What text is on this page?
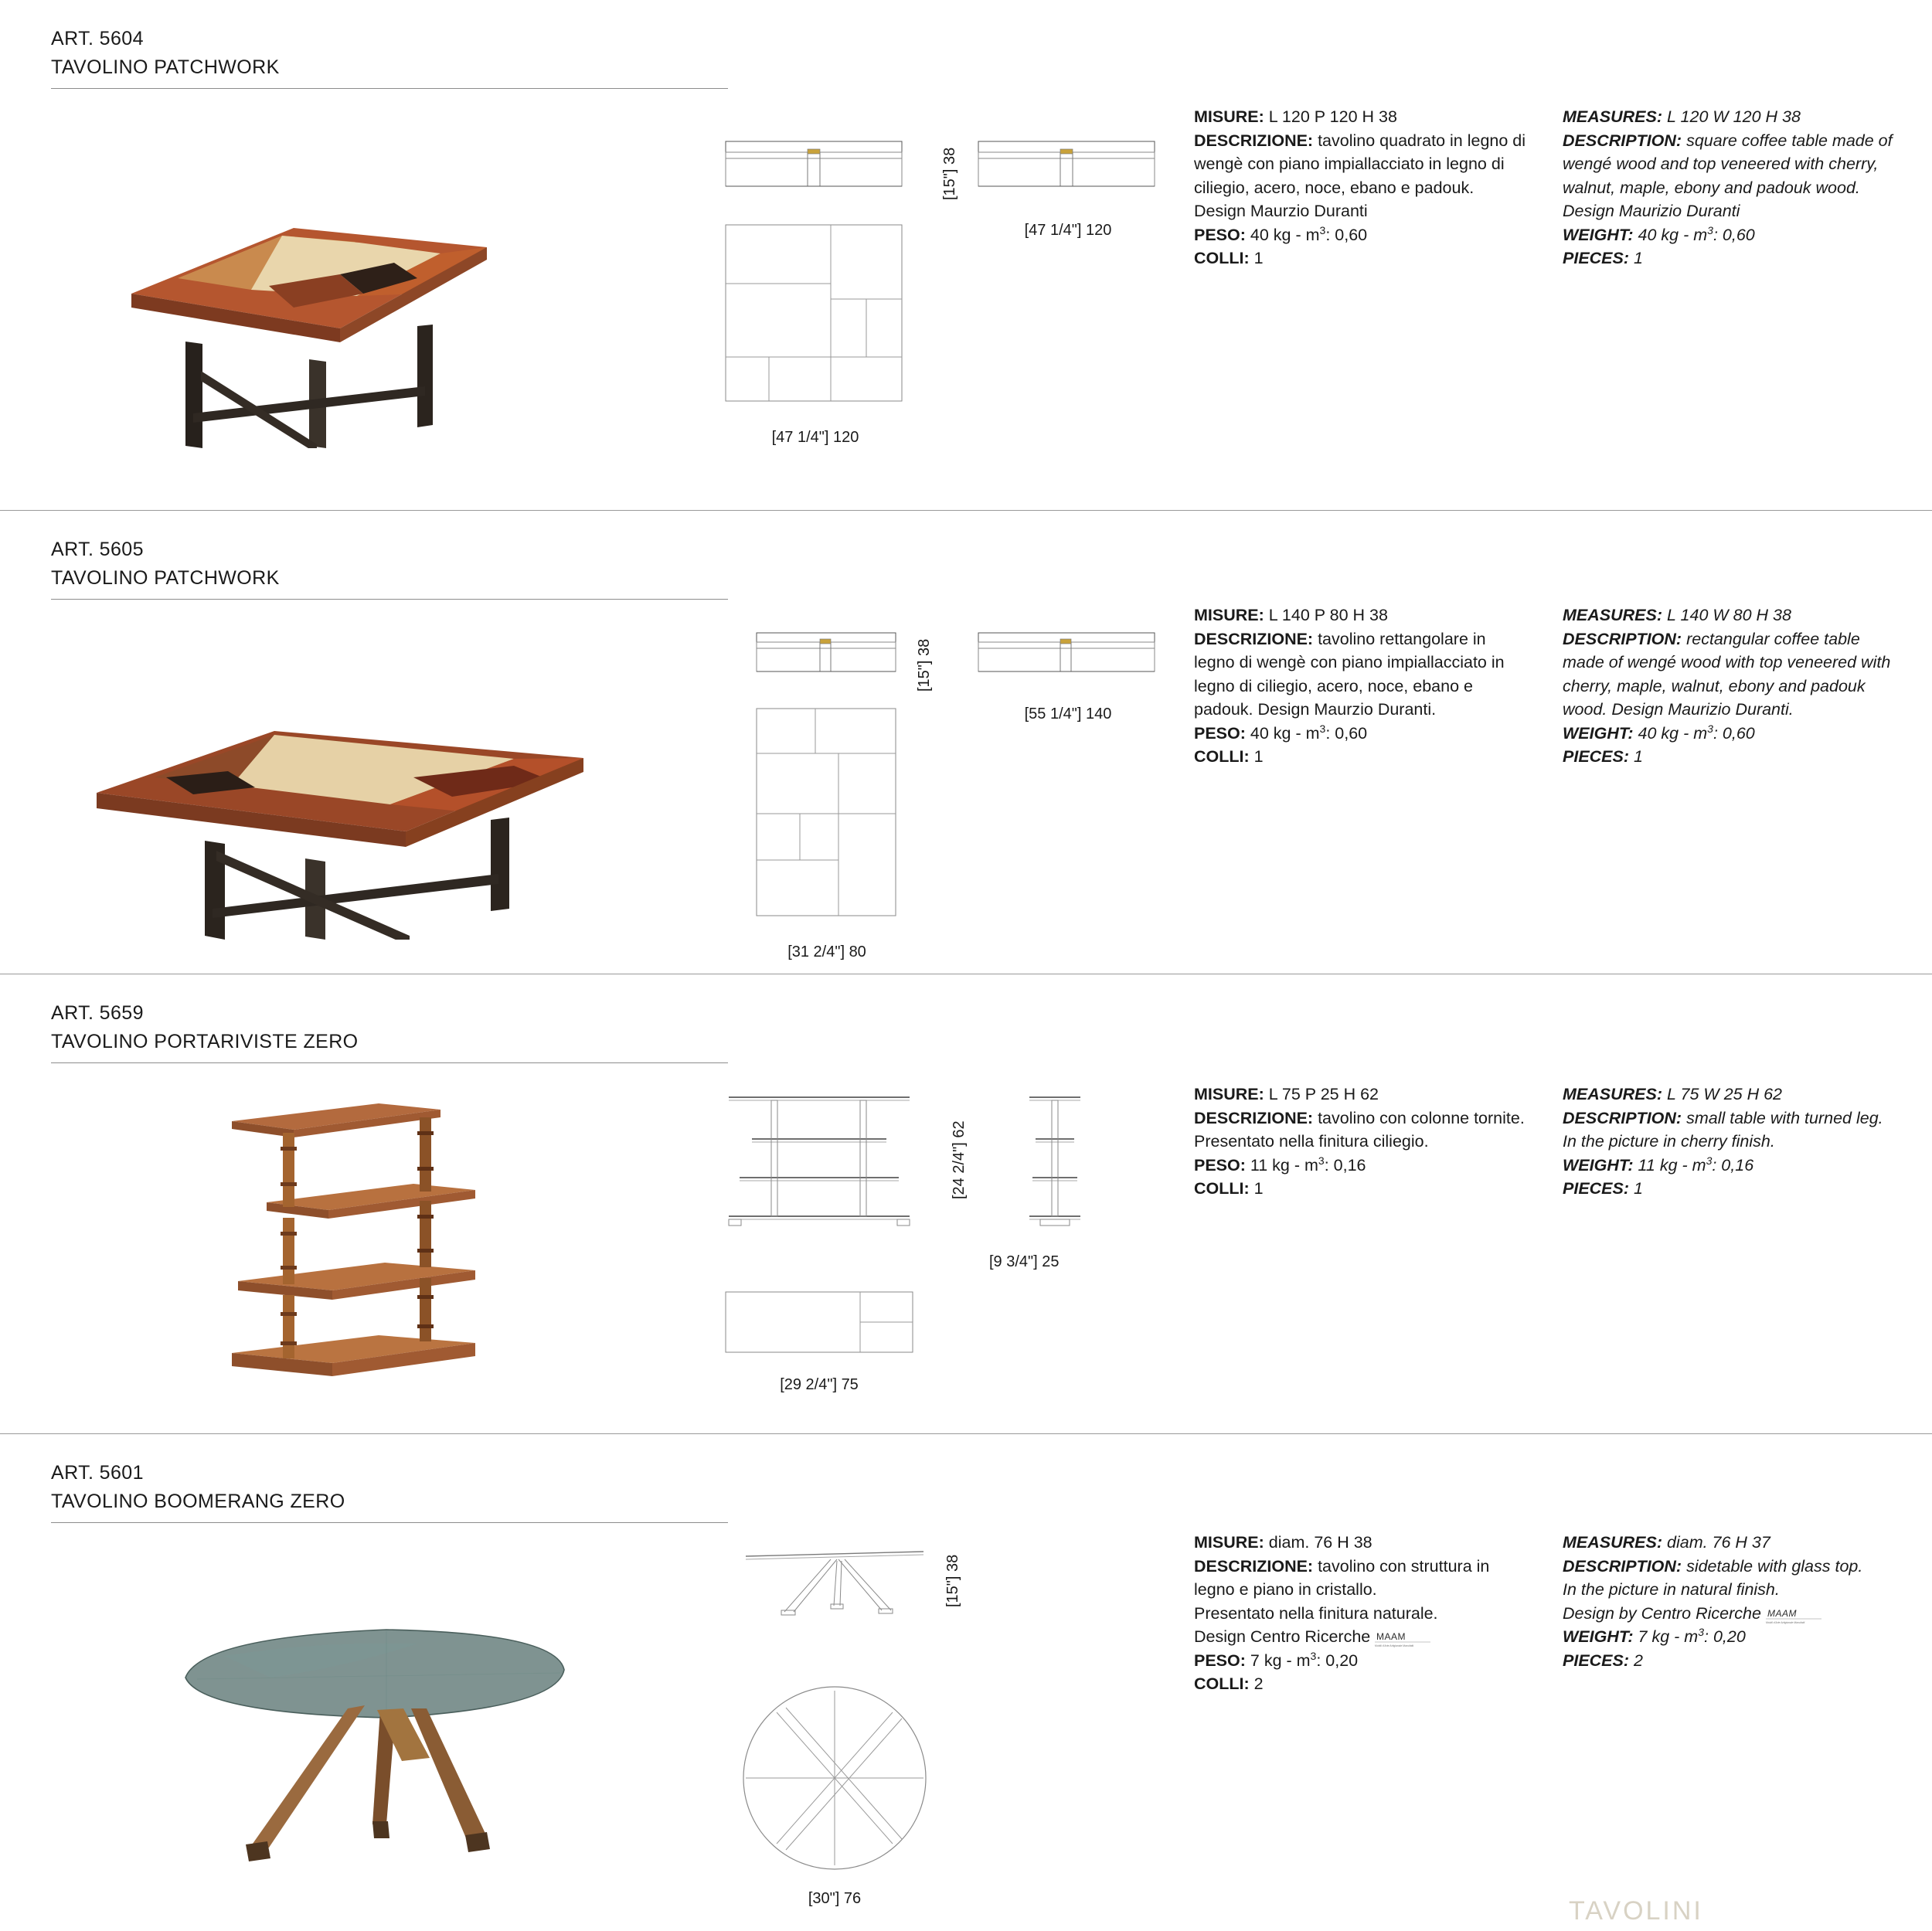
ART. 5604
TAVOLINO PATCHWORK
[47 1/4"] 120
[15"] 38
[47 1/4"] 120
MISURE: L 120 P 120 H 38
DESCRIZIONE: tavolino quadrato in legno di wengè con piano impiallacciato in legno di ciliegio, acero, noce, ebano e padouk. Design Maurzio Duranti
PESO: 40 kg - $m^3$: 0,60
COLLI: 1
MEASURES: L 120 W 120 H 38
DESCRIPTION: square coffee table made of wengé wood and top veneered with cherry, walnut, maple, ebony and padouk wood. Design Maurizio Duranti
WEIGHT: 40 kg - $m^3$: 0,60
PIECES: 1
ART. 5605
TAVOLINO PATCHWORK
[31 2/4"] 80
[15"] 38
[55 1/4"] 140
MISURE: L 140 P 80 H 38
DESCRIZIONE: tavolino rettangolare in legno di wengè con piano impiallacciato in legno di ciliegio, acero, noce, ebano e padouk. Design Maurzio Duranti.
PESO: 40 kg - $m^3$: 0,60
COLLI: 1
MEASURES: L 140 W 80 H 38
DESCRIPTION: rectangular coffee table made of wengé wood with top veneered with cherry, maple, walnut, ebony and padouk wood. Design Maurizio Duranti.
WEIGHT: 40 kg - $m^3$: 0,60
PIECES: 1
ART. 5659
TAVOLINO PORTARIVISTE ZERO
[29 2/4"] 75
[24 2/4"] 62
[9 3/4"] 25
MISURE: L 75 P 25 H 62
DESCRIZIONE: tavolino con colonne tornite.
Presentato nella finitura ciliegio.
PESO: 11 kg - $m^3$: 0,16
COLLI: 1
MEASURES: L 75 W 25 H 62
DESCRIPTION: small table with turned leg.
In the picture in cherry finish.
WEIGHT: 11 kg - $m^3$: 0,16
PIECES: 1
ART. 5601
TAVOLINO BOOMERANG ZERO
[30"] 76
[15"] 38
MISURE: diam. 76 H 38
DESCRIZIONE: tavolino con struttura in legno e piano in cristallo.
Presentato nella finitura naturale.
Design Centro Ricerche MAAM
Mobili d'Arte Artigianale Manufatti
PESO: 7 kg - $m^3$: 0,20
COLLI: 2
MEASURES: diam. 76 H 37
DESCRIPTION: sidetable with glass top.
In the picture in natural finish.
Design by Centro Ricerche MAAM
Mobili d'Arte Artigianale Manufatti
WEIGHT: 7 kg - $m^3$: 0,20
PIECES: 2
TAVOLINI
